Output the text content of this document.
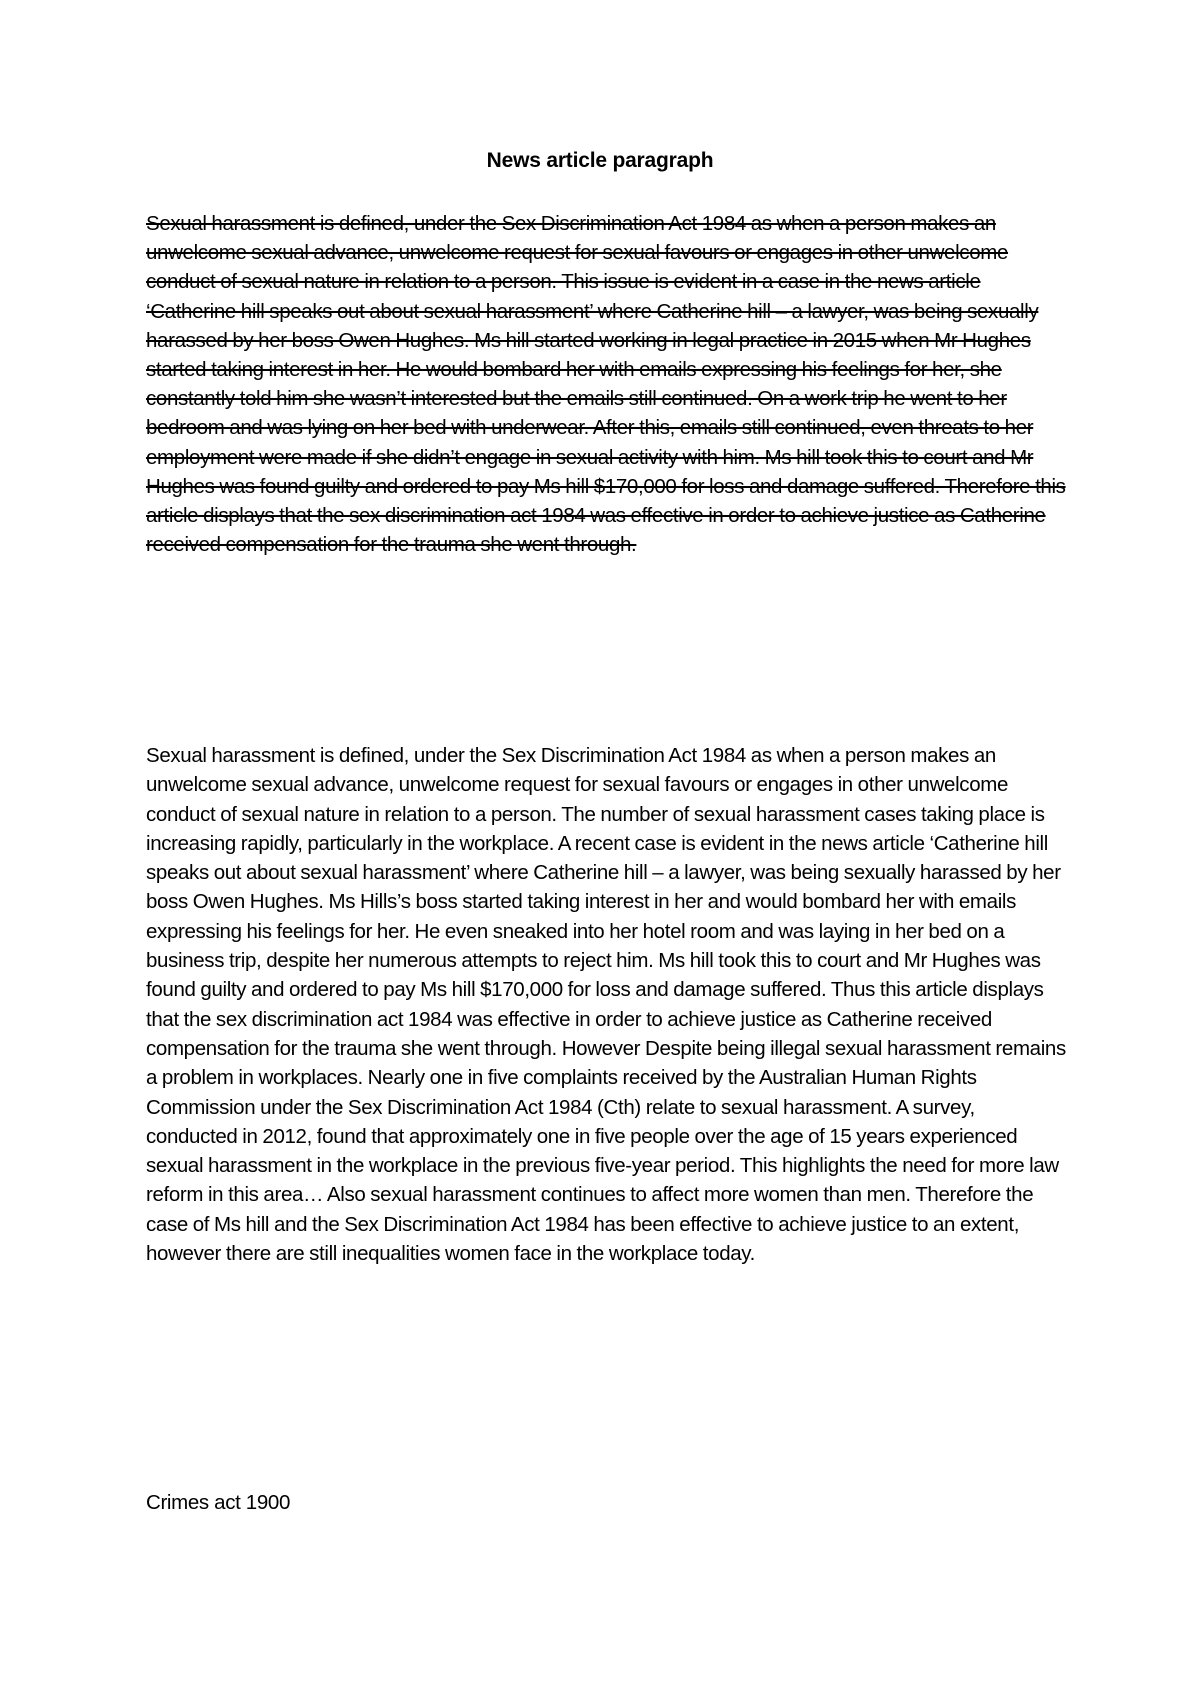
News article paragraph

Sexual harassment is defined, under the Sex Discrimination Act 1984 as when a person makes an unwelcome sexual advance, unwelcome request for sexual favours or engages in other unwelcome conduct of sexual nature in relation to a person. This issue is evident in a case in the news article ‘Catherine hill speaks out about sexual harassment’ where Catherine hill – a lawyer, was being sexually harassed by her boss Owen Hughes. Ms hill started working in legal practice in 2015 when Mr Hughes started taking interest in her. He would bombard her with emails expressing his feelings for her, she constantly told him she wasn’t interested but the emails still continued. On a work trip he went to her bedroom and was lying on her bed with underwear. After this, emails still continued, even threats to her employment were made if she didn’t engage in sexual activity with him. Ms hill took this to court and Mr Hughes was found guilty and ordered to pay Ms hill $170,000 for loss and damage suffered. Therefore this article displays that the sex discrimination act 1984 was effective in order to achieve justice as Catherine received compensation for the trauma she went through.

Sexual harassment is defined, under the Sex Discrimination Act 1984 as when a person makes an unwelcome sexual advance, unwelcome request for sexual favours or engages in other unwelcome conduct of sexual nature in relation to a person. The number of sexual harassment cases taking place is increasing rapidly, particularly in the workplace. A recent case is evident in the news article ‘Catherine hill speaks out about sexual harassment’ where Catherine hill – a lawyer, was being sexually harassed by her boss Owen Hughes. Ms Hills’s boss started taking interest in her and would bombard her with emails expressing his feelings for her. He even sneaked into her hotel room and was laying in her bed on a business trip, despite her numerous attempts to reject him. Ms hill took this to court and Mr Hughes was found guilty and ordered to pay Ms hill $170,000 for loss and damage suffered. Thus this article displays that the sex discrimination act 1984 was effective in order to achieve justice as Catherine received compensation for the trauma she went through. However Despite being illegal sexual harassment remains a problem in workplaces. Nearly one in five complaints received by the Australian Human Rights Commission under the Sex Discrimination Act 1984 (Cth) relate to sexual harassment. A survey, conducted in 2012, found that approximately one in five people over the age of 15 years experienced sexual harassment in the workplace in the previous five-year period. This highlights the need for more law reform in this area… Also sexual harassment continues to affect more women than men. Therefore the case of Ms hill and the Sex Discrimination Act 1984 has been effective to achieve justice to an extent, however there are still inequalities women face in the workplace today.

Crimes act 1900
